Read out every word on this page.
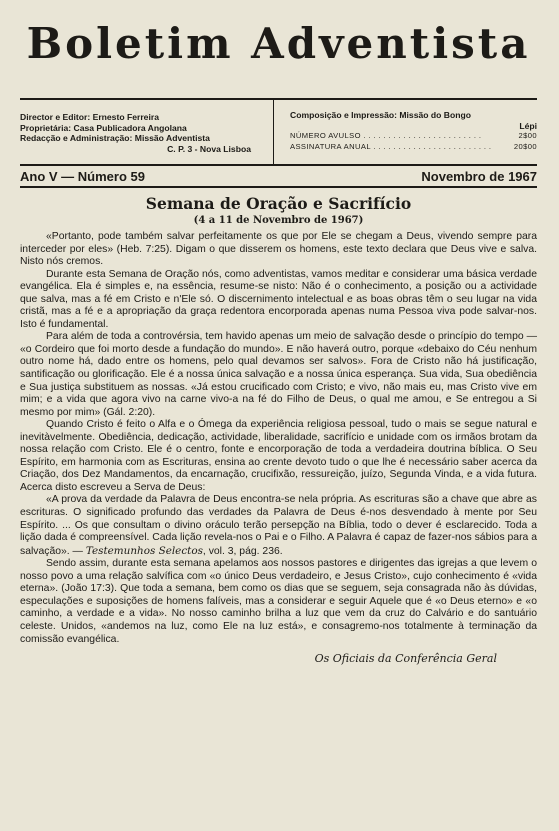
Boletim Adventista
Director e Editor: Ernesto Ferreira
Proprietária: Casa Publicadora Angolana
Redacção e Administração: Missão Adventista
C. P. 3 - Nova Lisboa
Composição e Impressão: Missão do Bongo
Lépi
NÚMERO AVULSO . . . . . . . . . . . . . . . . . . . . . . . .	2$00
ASSINATURA ANUAL . . . . . . . . . . . . . . . . . . . . . . . .	20$00
Ano V — Número 59	Novembro de 1967
Semana de Oração e Sacrifício
(4 a 11 de Novembro de 1967)

«Portanto, pode também salvar perfeitamente os que por Ele se chegam a Deus, vivendo sempre para interceder por eles» (Heb. 7:25). Digam o que disserem os homens, este texto declara que Deus vive e salva. Nisto nós cremos.

Durante esta Semana de Oração nós, como adventistas, vamos meditar e considerar uma básica verdade evangélica. Ela é simples e, na essência, resume-se nisto: Não é o conhecimento, a posição ou a actividade que salva, mas a fé em Cristo e n'Ele só. O discernimento intelectual e as boas obras têm o seu lugar na vida cristã, mas a fé e a apropriação da graça redentora encorporada apenas numa Pessoa viva pode salvar-nos. Isto é fundamental.

Para além de toda a controvérsia, tem havido apenas um meio de salvação desde o princípio do tempo — «o Cordeiro que foi morto desde a fundação do mundo». E não haverá outro, porque «debaixo do Céu nenhum outro nome há, dado entre os homens, pelo qual devamos ser salvos». Fora de Cristo não há justificação, santificação ou glorificação. Ele é a nossa única salvação e a nossa única esperança. Sua vida, Sua obediência e Sua justiça substituem as nossas. «Já estou crucificado com Cristo; e vivo, não mais eu, mas Cristo vive em mim; e a vida que agora vivo na carne vivo-a na fé do Filho de Deus, o qual me amou, e Se entregou a Si mesmo por mim» (Gál. 2:20).

Quando Cristo é feito o Alfa e o Ómega da experiência religiosa pessoal, tudo o mais se segue natural e inevitàvelmente. Obediência, dedicação, actividade, liberalidade, sacrifício e unidade com os irmãos brotam da nossa relação com Cristo. Ele é o centro, fonte e encorporação de toda a verdadeira doutrina bíblica. O Seu Espírito, em harmonia com as Escrituras, ensina ao crente devoto tudo o que lhe é necessário saber acerca da Criação, dos Dez Mandamentos, da encarnação, crucifixão, ressureição, juízo, Segunda Vinda, e a vida futura. Acerca disto escreveu a Serva de Deus:

«A prova da verdade da Palavra de Deus encontra-se nela própria. As escrituras são a chave que abre as escrituras. O significado profundo das verdades da Palavra de Deus é-nos desvendado à mente por Seu Espírito. ... Os que consultam o divino oráculo terão persepção na Bíblia, todo o dever é esclarecido. Toda a lição dada é compreensível. Cada lição revela-nos o Pai e o Filho. A Palavra é capaz de fazer-nos sábios para a salvação». — Testemunhos Selectos, vol. 3, pág. 236.

Sendo assim, durante esta semana apelamos aos nossos pastores e dirigentes das igrejas a que levem o nosso povo a uma relação salvífica com «o único Deus verdadeiro, e Jesus Cristo», cujo conhecimento é «vida eterna». (João 17:3). Que toda a semana, bem como os dias que se seguem, seja consagrada não às dúvidas, especulações e suposições de homens falíveis, mas a considerar e seguir Aquele que é «o Deus eterno» e «o caminho, a verdade e a vida». No nosso caminho brilha a luz que vem da cruz do Calvário e do santuário celeste. Unidos, «andemos na luz, como Ele na luz está», e consagremo-nos totalmente à terminação da comissão evangélica.

Os Oficiais da Conferência Geral
